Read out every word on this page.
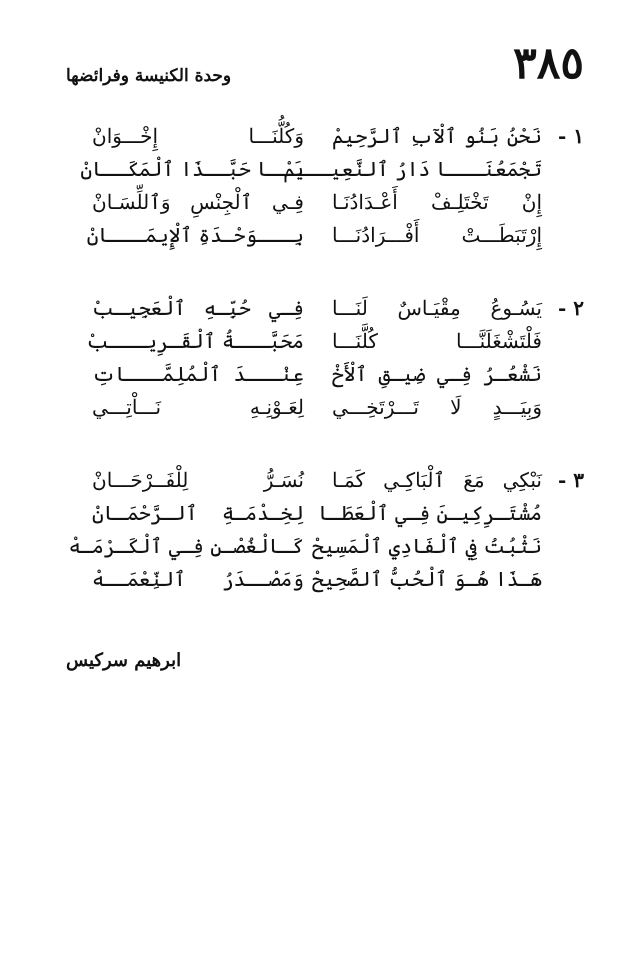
٣٨٥
وحدة الكنيسة وفرائضها
١ -
نَحْنُ بَنُو ٱلْآبِ ٱلرَّحِيمْ
وَكُلُّنَـــا إِخْـــوَانْ
تَجْمَعُنَـــا دَارُ ٱلنَّعِيـــمْ
يَــا حَبَّــذَا ٱلْمَكَــانْ
إِنْ تَخْتَلِـفْ أَعْـدَادُنَـا
فِـي ٱلْجِنْسِ وَٱللِّسَـانْ
إِرْتَبَطَـــتْ أَفْـــرَادُنَـــا
بِـــوَحْـدَةِ ٱلْإِيمَـــانْ
٢ -
يَسُـوعُ مِقْيَـاسٌ لَنَـــا
فِـي حُبِّـهِ ٱلْعَجِيـبْ
فَلْتَشْغَلَنَّـــا كُلَّنَـــا
مَحَبَّـــةُ ٱلْقَـرِيـــبْ
نَشْعُـرُ فِـي ضِيـقِ ٱلْأَخْ
عِنْـــدَ ٱلْمُلِمَّـــاتِ
وَبِيَـــدٍ لَا تَـــرْتَخِـــي
لِعَـوْنِـهِ نَـــاْتِـــي
٣ -
نَبْكِي مَعَ ٱلْبَاكِـي كَمَـا
نُسَـرُّ لِلْفَــرْحَـــانْ
مُشْتَـرِكِيـنَ فِـي ٱلْعَطَـا
لِخِـدْمَـةِ ٱلـرَّحْمَـانْ
نَثْبُتُ فِي ٱلْفَادِي ٱلْمَسِيحْ
كَـالْغُصْـنِ فِـي ٱلْكَـرْمَـهْ
هَـذَا هُـوَ ٱلْحُبُّ ٱلصَّحِيحْ
وَمَصْــدَرُ ٱلنِّعْمَــهْ
ابرهيم سركيس
